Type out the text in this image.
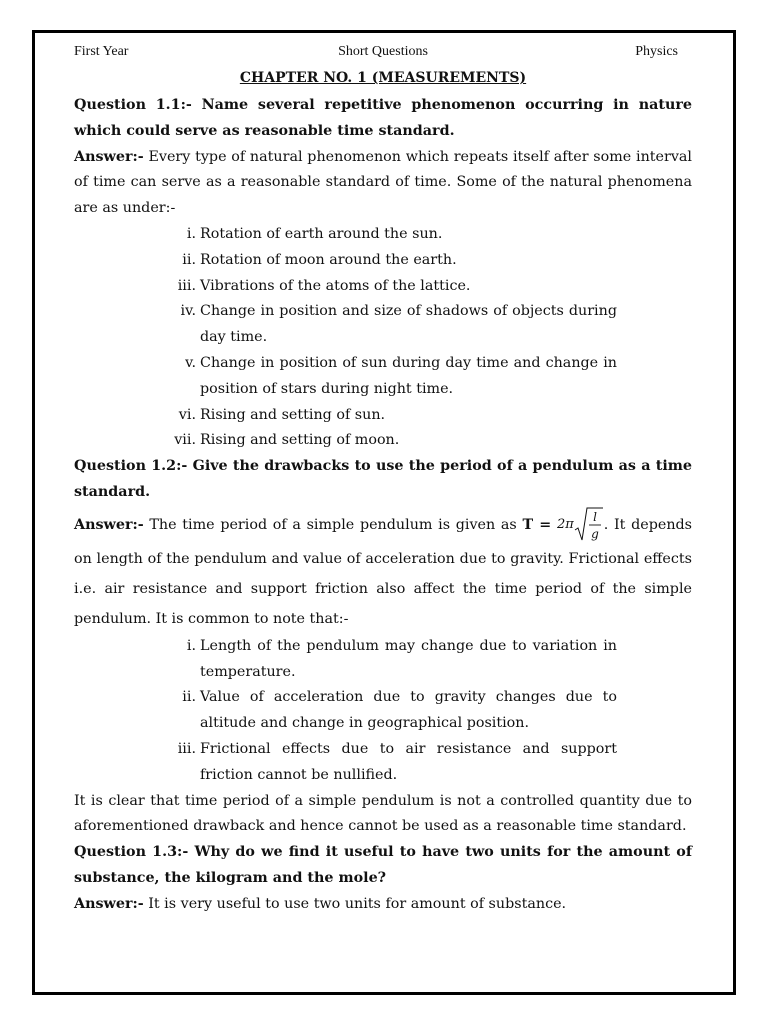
First Year	Short Questions	Physics
CHAPTER NO. 1 (MEASUREMENTS)

Question 1.1:- Name several repetitive phenomenon occurring in nature which could serve as reasonable time standard.

Answer:- Every type of natural phenomenon which repeats itself after some interval of time can serve as a reasonable standard of time. Some of the natural phenomena are as under:-

i. Rotation of earth around the sun.
ii. Rotation of moon around the earth.
iii. Vibrations of the atoms of the lattice.
iv. Change in position and size of shadows of objects during day time.
v. Change in position of sun during day time and change in position of stars during night time.
vi. Rising and setting of sun.
vii. Rising and setting of moon.

Question 1.2:- Give the drawbacks to use the period of a pendulum as a time standard.

Answer:- The time period of a simple pendulum is given as T = 2π l
g
. It depends on length of the pendulum and value of acceleration due to gravity. Frictional effects i.e. air resistance and support friction also affect the time period of the simple pendulum. It is common to note that:-

i. Length of the pendulum may change due to variation in temperature.
ii. Value of acceleration due to gravity changes due to altitude and change in geographical position.
iii. Frictional effects due to air resistance and support friction cannot be nullified.

It is clear that time period of a simple pendulum is not a controlled quantity due to aforementioned drawback and hence cannot be used as a reasonable time standard.

Question 1.3:- Why do we find it useful to have two units for the amount of substance, the kilogram and the mole?

Answer:- It is very useful to use two units for amount of substance.
